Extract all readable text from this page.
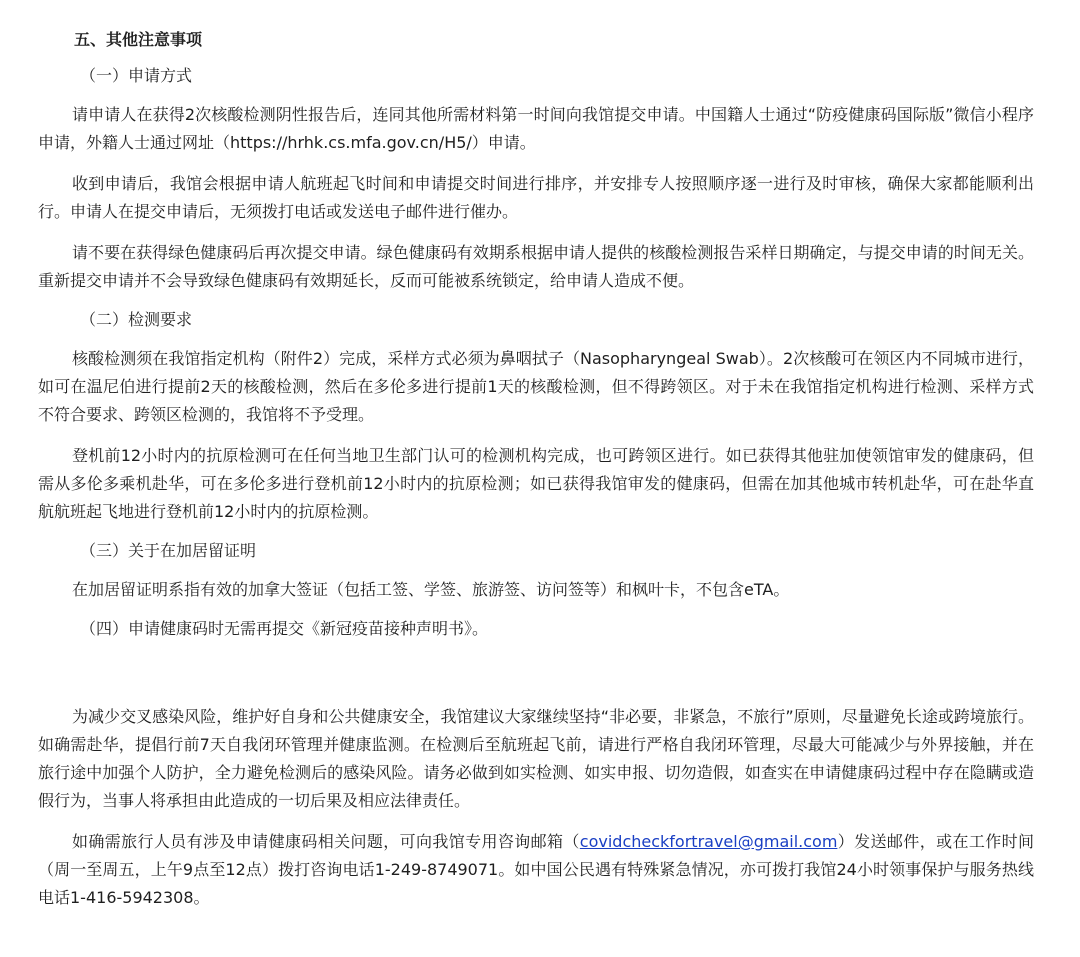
五、其他注意事项
（一）申请方式

请申请人在获得2次核酸检测阴性报告后，连同其他所需材料第一时间向我馆提交申请。中国籍人士通过“防疫健康码国际版”微信小程序申请，外籍人士通过网址（https://hrhk.cs.mfa.gov.cn/H5/）申请。

收到申请后，我馆会根据申请人航班起飞时间和申请提交时间进行排序，并安排专人按照顺序逐一进行及时审核，确保大家都能顺利出行。申请人在提交申请后，无须拨打电话或发送电子邮件进行催办。

请不要在获得绿色健康码后再次提交申请。绿色健康码有效期系根据申请人提供的核酸检测报告采样日期确定，与提交申请的时间无关。重新提交申请并不会导致绿色健康码有效期延长，反而可能被系统锁定，给申请人造成不便。

（二）检测要求

核酸检测须在我馆指定机构（附件2）完成，采样方式必须为鼻咽拭子（Nasopharyngeal Swab）。2次核酸可在领区内不同城市进行，如可在温尼伯进行提前2天的核酸检测，然后在多伦多进行提前1天的核酸检测，但不得跨领区。对于未在我馆指定机构进行检测、采样方式不符合要求、跨领区检测的，我馆将不予受理。

登机前12小时内的抗原检测可在任何当地卫生部门认可的检测机构完成，也可跨领区进行。如已获得其他驻加使领馆审发的健康码，但需从多伦多乘机赴华，可在多伦多进行登机前12小时内的抗原检测；如已获得我馆审发的健康码，但需在加其他城市转机赴华，可在赴华直航航班起飞地进行登机前12小时内的抗原检测。

（三）关于在加居留证明

在加居留证明系指有效的加拿大签证（包括工签、学签、旅游签、访问签等）和枫叶卡，不包含eTA。

（四）申请健康码时无需再提交《新冠疫苗接种声明书》。

为减少交叉感染风险，维护好自身和公共健康安全，我馆建议大家继续坚持“非必要，非紧急，不旅行”原则，尽量避免长途或跨境旅行。如确需赴华，提倡行前7天自我闭环管理并健康监测。在检测后至航班起飞前，请进行严格自我闭环管理，尽最大可能减少与外界接触，并在旅行途中加强个人防护，全力避免检测后的感染风险。请务必做到如实检测、如实申报、切勿造假，如查实在申请健康码过程中存在隐瞒或造假行为，当事人将承担由此造成的一切后果及相应法律责任。

如确需旅行人员有涉及申请健康码相关问题，可向我馆专用咨询邮箱（covidcheckfortravel@gmail.com）发送邮件，或在工作时间（周一至周五，上午9点至12点）拨打咨询电话1-249-8749071。如中国公民遇有特殊紧急情况，亦可拨打我馆24小时领事保护与服务热线电话1-416-5942308。
